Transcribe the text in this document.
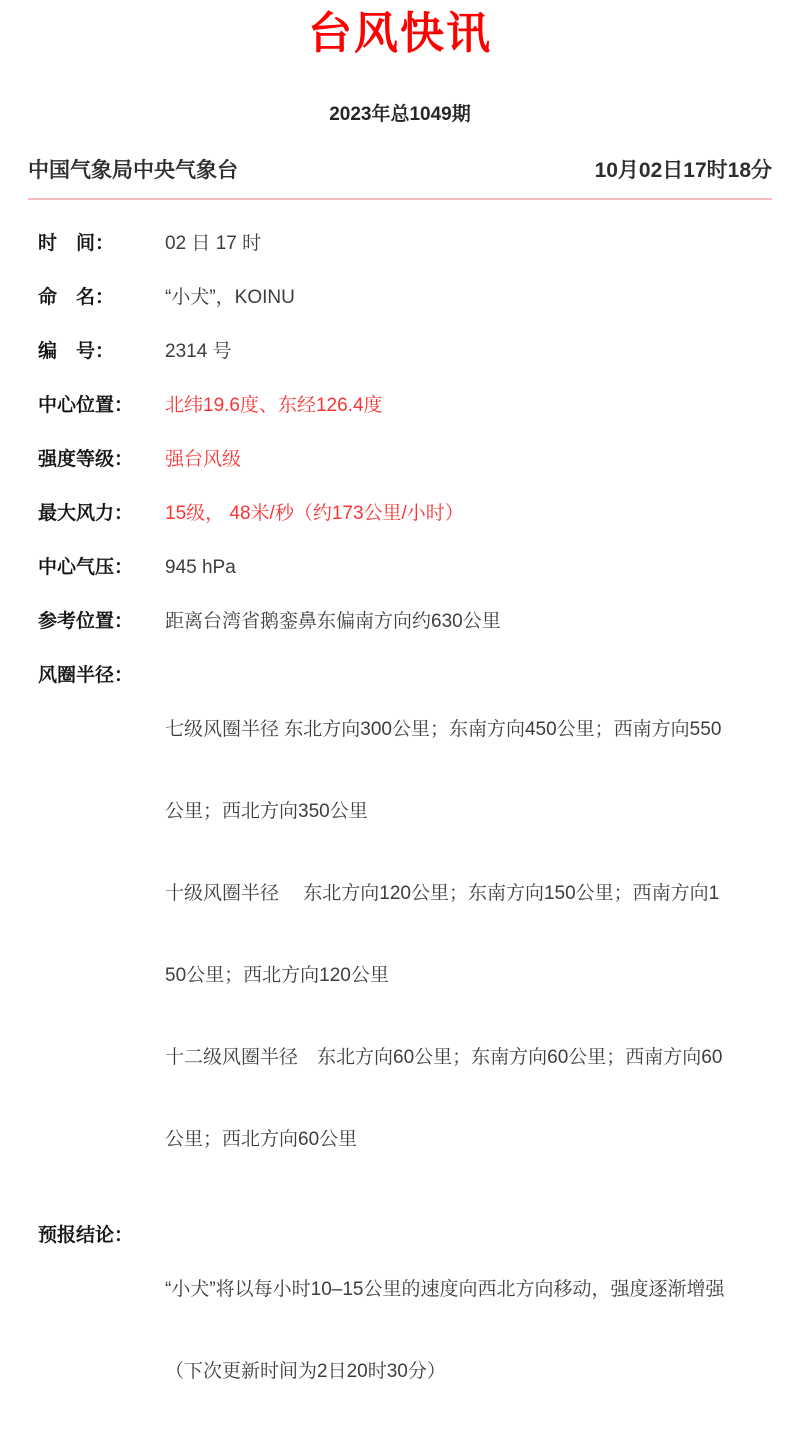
台风快讯
2023年总1049期
中国气象局中央气象台	10月02日17时18分
时　间：	02 日 17 时
命　名：	“小犬”，KOINU
编　号：	2314 号
中心位置：	北纬19.6度、东经126.4度
强度等级：	强台风级
最大风力：	15级， 48米/秒（约173公里/小时）
中心气压：	945 hPa
参考位置：	距离台湾省鹅銮鼻东偏南方向约630公里
风圈半径：

七级风圈半径 东北方向300公里；东南方向450公里；西南方向550

公里；西北方向350公里

十级风圈半径　 东北方向120公里；东南方向150公里；西南方向1

50公里；西北方向120公里

十二级风圈半径　东北方向60公里；东南方向60公里；西南方向60

公里；西北方向60公里

预报结论：

“小犬”将以每小时10–15公里的速度向西北方向移动，强度逐渐增强

（下次更新时间为2日20时30分）
